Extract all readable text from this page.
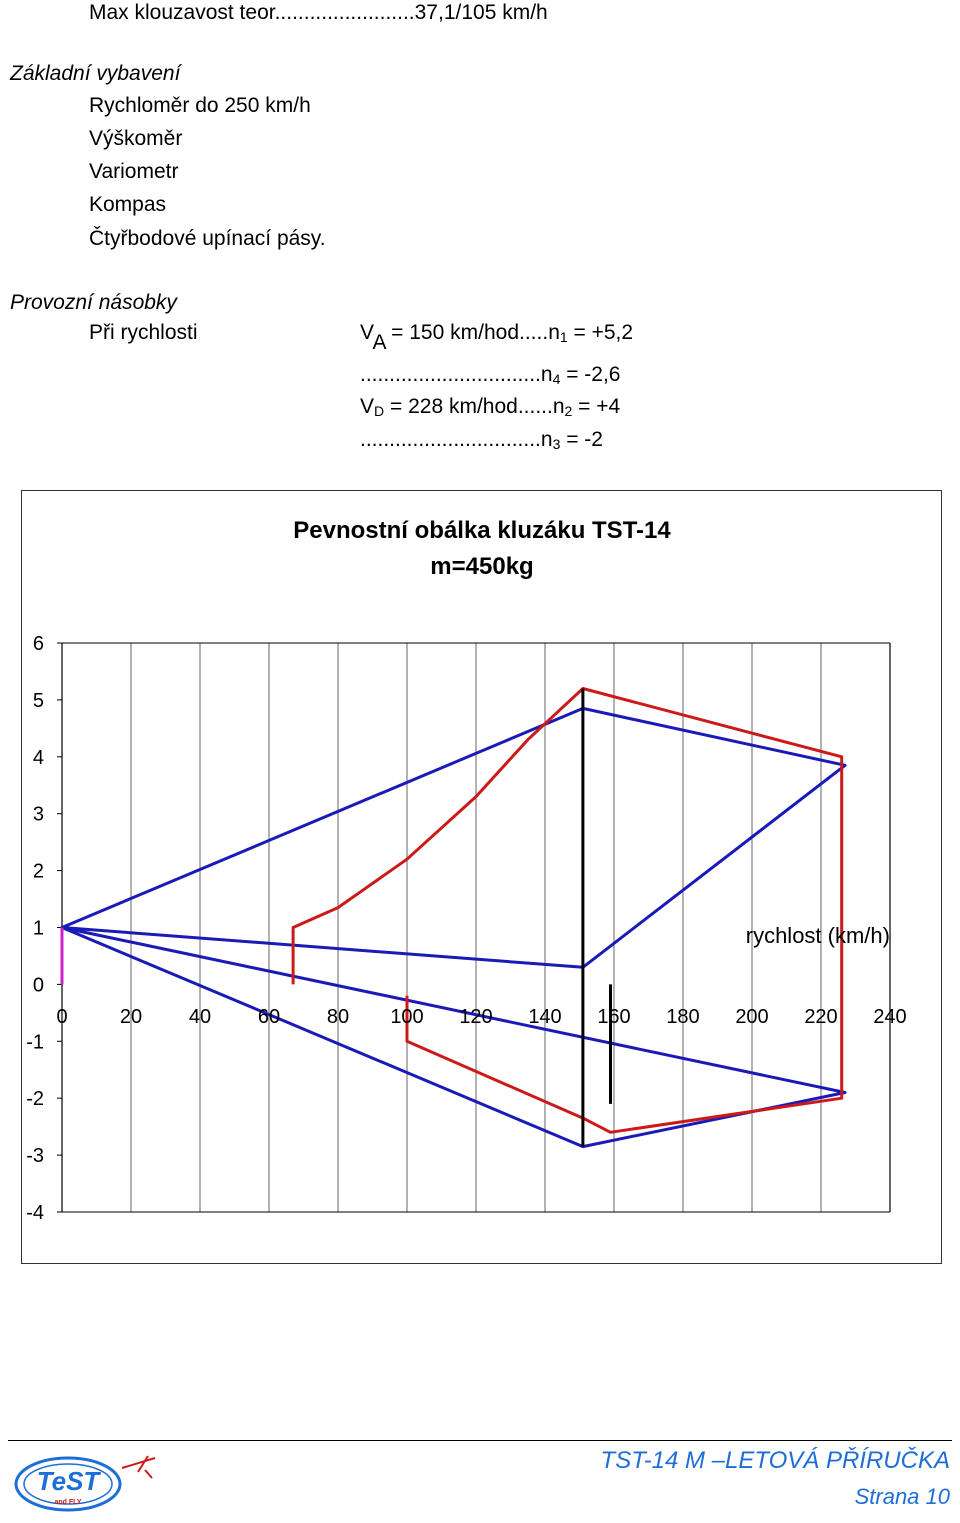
Max klouzavost teor........................37,1/105 km/h
Základní vybavení
Rychloměr do 250 km/h
Výškoměr
Variometr
Kompas
Čtyřbodové upínací pásy.
Provozní násobky
Při rychlosti	VA = 150 $km/hod.....n_1 = +5,2$
$...............................n_4 = -2,6$
$V_D = 228$ $km/hod......n_2 = +4$
$...............................n_3 = -2$
Pevnostní obálka kluzáku TST-14
m=450kg
6
5
4
3
2
1
0
-1
-2
-3
-4
0	20 40 60 80 100 120 140 160 180 200 220 240
rychlost (km/h)
TeST
and FLY
TST-14 M –LETOVÁ PŘÍRUČKA
Strana 10
